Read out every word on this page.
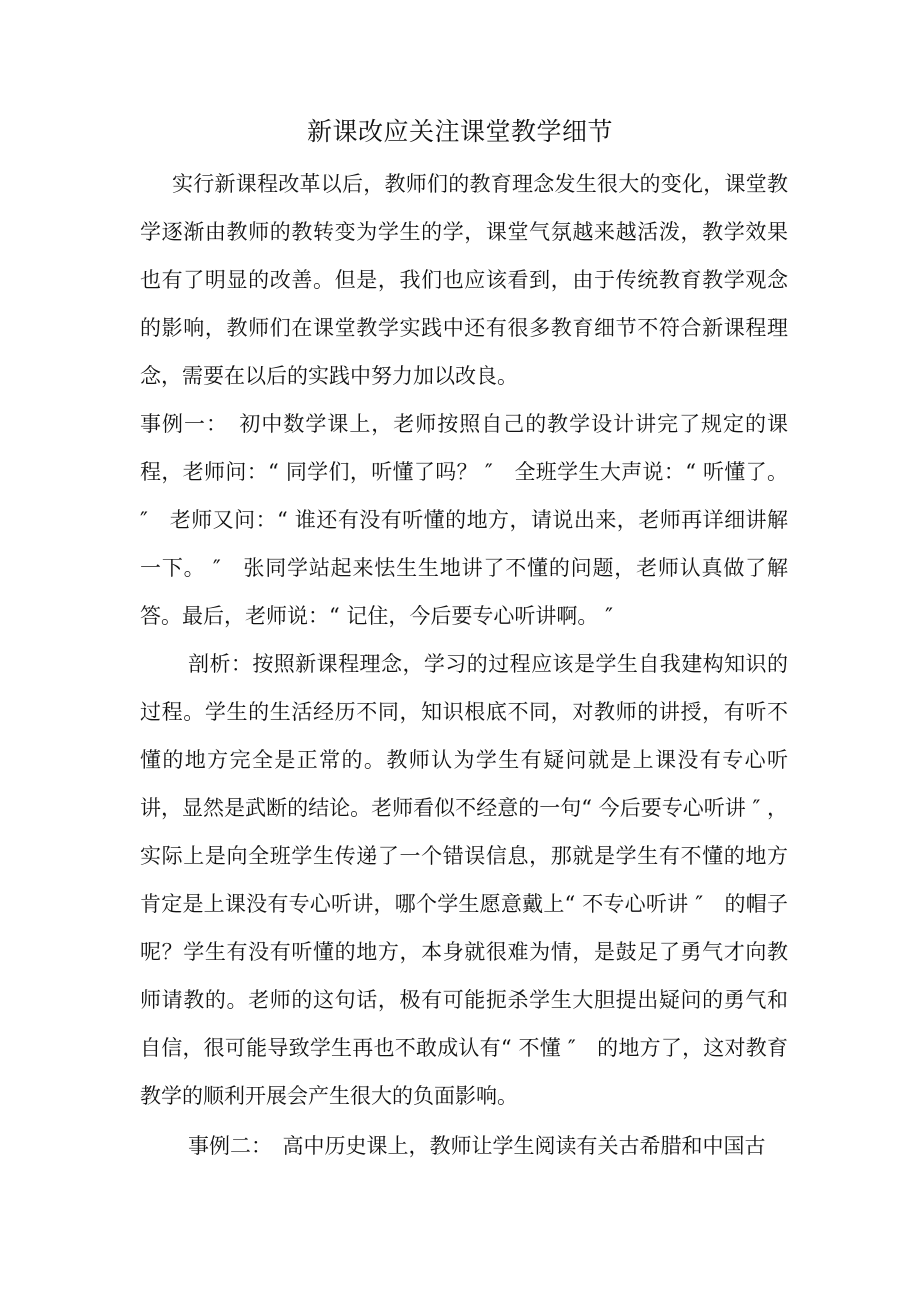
新课改应关注课堂教学细节

实行新课程改革以后，教师们的教育理念发生很大的变化，课堂教学逐渐由教师的教转变为学生的学，课堂气氛越来越活泼，教学效果也有了明显的改善。但是，我们也应该看到，由于传统教育教学观念的影响，教师们在课堂教学实践中还有很多教育细节不符合新课程理念，需要在以后的实践中努力加以改良。

事例一：　初中数学课上，老师按照自己的教学设计讲完了规定的课程，老师问：“ 同学们，听懂了吗？ ″　全班学生大声说：“ 听懂了。 ″　老师又问：“ 谁还有没有听懂的地方，请说出来，老师再详细讲解一下。 ″　张同学站起来怯生生地讲了不懂的问题，老师认真做了解答。最后，老师说：“ 记住，今后要专心听讲啊。 ″

剖析：按照新课程理念，学习的过程应该是学生自我建构知识的过程。学生的生活经历不同，知识根底不同，对教师的讲授，有听不懂的地方完全是正常的。教师认为学生有疑问就是上课没有专心听讲，显然是武断的结论。老师看似不经意的一句“ 今后要专心听讲 ″ ，实际上是向全班学生传递了一个错误信息，那就是学生有不懂的地方肯定是上课没有专心听讲，哪个学生愿意戴上“ 不专心听讲 ″　的帽子呢？学生有没有听懂的地方，本身就很难为情，是鼓足了勇气才向教师请教的。老师的这句话，极有可能扼杀学生大胆提出疑问的勇气和自信，很可能导致学生再也不敢成认有“ 不懂 ″　的地方了，这对教育教学的顺利开展会产生很大的负面影响。

事例二：　高中历史课上，教师让学生阅读有关古希腊和中国古
